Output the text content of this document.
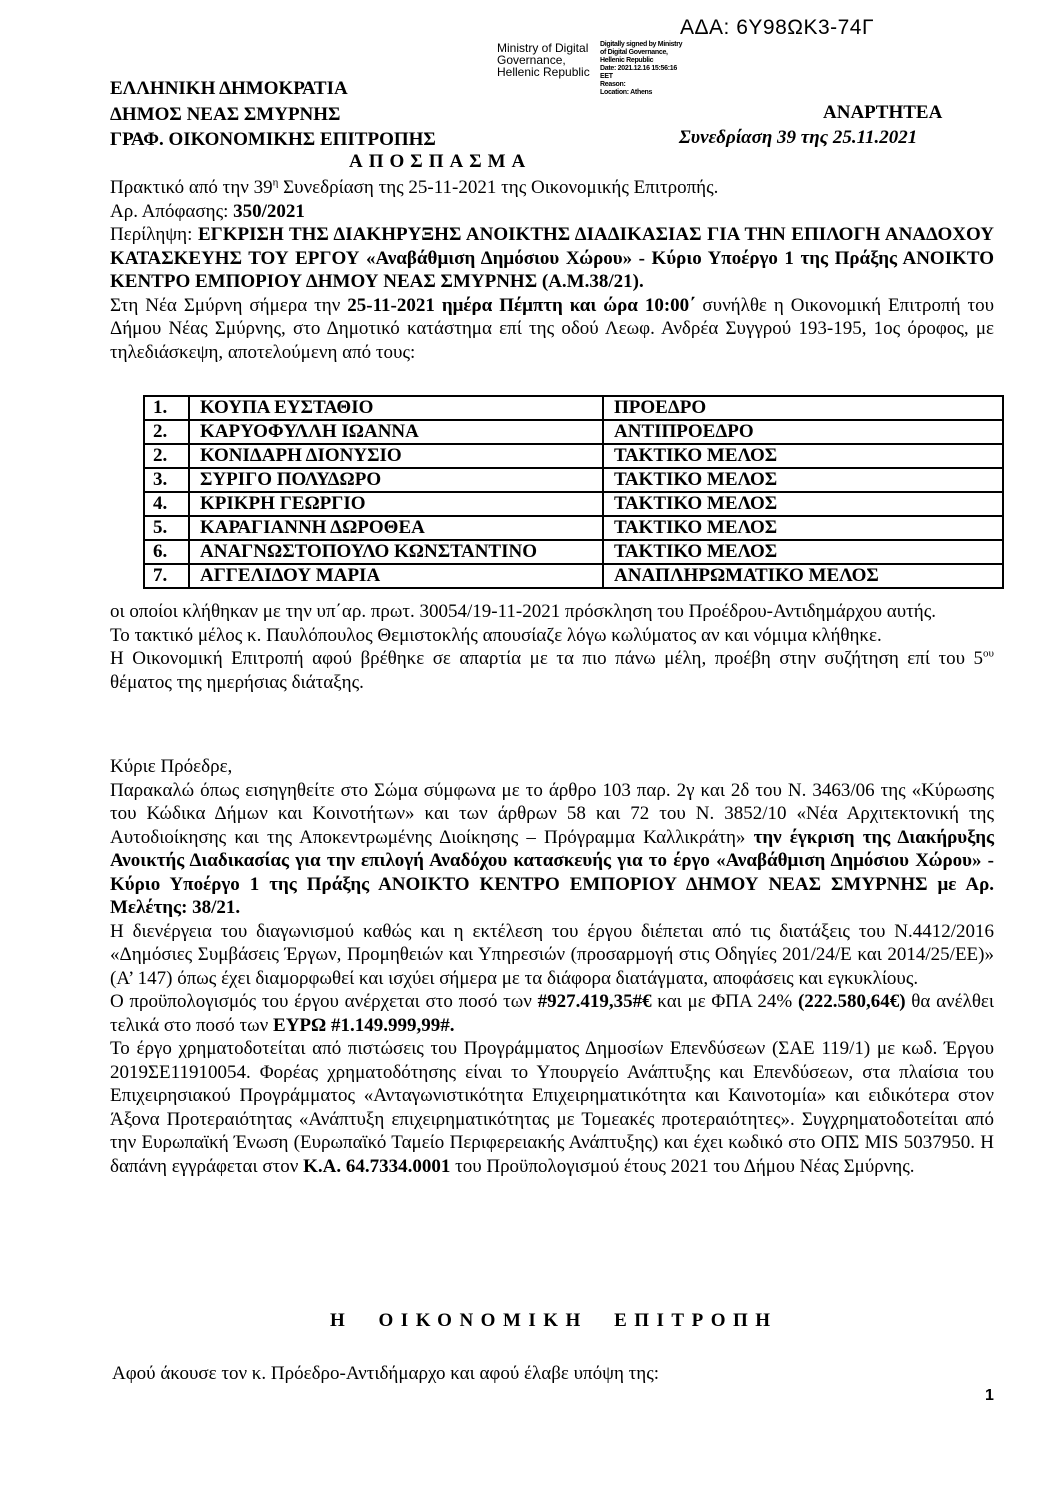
ΑΔΑ: 6Υ98ΩΚ3-74Γ
Ministry of Digital
Governance,
Hellenic Republic
Digitally signed by Ministry
of Digital Governance,
Hellenic Republic
Date: 2021.12.16 15:56:16
EET
Reason:
Location: Athens
ΕΛΛΗΝΙΚΗ ΔΗΜΟΚΡΑΤΙΑ
ΔΗΜΟΣ ΝΕΑΣ ΣΜΥΡΝΗΣ
ΓΡΑΦ. ΟΙΚΟΝΟΜΙΚΗΣ ΕΠΙΤΡΟΠΗΣ
ΑΝΑΡΤΗΤΕΑ
Συνεδρίαση 39 της 25.11.2021
ΑΠΟΣΠΑΣΜΑ

Πρακτικό από την $39^\eta$ Συνεδρίαση της 25-11-2021 της Οικονομικής Επιτροπής.

Αρ. Απόφασης: 350/2021

Περίληψη: ΕΓΚΡΙΣΗ ΤΗΣ ΔΙΑΚΗΡΥΞΗΣ ΑΝΟΙΚΤΗΣ ΔΙΑΔΙΚΑΣΙΑΣ ΓΙΑ ΤΗΝ ΕΠΙΛΟΓΗ ΑΝΑΔΟΧΟΥ ΚΑΤΑΣΚΕΥΗΣ ΤΟΥ ΕΡΓΟΥ «Αναβάθμιση Δημόσιου Χώρου» - Κύριο Υποέργο 1 της Πράξης ΑΝΟΙΚΤΟ ΚΕΝΤΡΟ ΕΜΠΟΡΙΟΥ ΔΗΜΟΥ ΝΕΑΣ ΣΜΥΡΝΗΣ (Α.Μ.38/21).

Στη Νέα Σμύρνη σήμερα την 25-11-2021 ημέρα Πέμπτη και ώρα 10:00΄ συνήλθε η Οικονομική Επιτροπή του Δήμου Νέας Σμύρνης, στο Δημοτικό κατάστημα επί της οδού Λεωφ. Ανδρέα Συγγρού 193-195, 1ος όροφος, με τηλεδιάσκεψη, αποτελούμενη από τους:

1.	ΚΟΥΠΑ ΕΥΣΤΑΘΙΟ	ΠΡΟΕΔΡΟ
2.	ΚΑΡΥΟΦΥΛΛΗ ΙΩΑΝΝΑ	ΑΝΤΙΠΡΟΕΔΡΟ
2.	ΚΟΝΙΔΑΡΗ ΔΙΟΝΥΣΙΟ	ΤΑΚΤΙΚΟ ΜΕΛΟΣ
3.	ΣΥΡΙΓΟ ΠΟΛΥΔΩΡΟ	ΤΑΚΤΙΚΟ ΜΕΛΟΣ
4.	ΚΡΙΚΡΗ ΓΕΩΡΓΙΟ	ΤΑΚΤΙΚΟ ΜΕΛΟΣ
5.	ΚΑΡΑΓΙΑΝΝΗ ΔΩΡΟΘΕΑ	ΤΑΚΤΙΚΟ ΜΕΛΟΣ
6.	ΑΝΑΓΝΩΣΤΟΠΟΥΛΟ ΚΩΝΣΤΑΝΤΙΝΟ	ΤΑΚΤΙΚΟ ΜΕΛΟΣ
7.	ΑΓΓΕΛΙΔΟΥ ΜΑΡΙΑ	ΑΝΑΠΛΗΡΩΜΑΤΙΚΟ ΜΕΛΟΣ

οι οποίοι κλήθηκαν με την υπ΄αρ. πρωτ. 30054/19-11-2021 πρόσκληση του Προέδρου-Αντιδημάρχου αυτής.

Το τακτικό μέλος κ. Παυλόπουλος Θεμιστοκλής απουσίαζε λόγω κωλύματος αν και νόμιμα κλήθηκε.

Η Οικονομική Επιτροπή αφού βρέθηκε σε απαρτία με τα πιο πάνω μέλη, προέβη στην συζήτηση επί του $5^{o\upsilon}$ θέματος της ημερήσιας διάταξης.

Κύριε Πρόεδρε,

Παρακαλώ όπως εισηγηθείτε στο Σώμα σύμφωνα με το άρθρο 103 παρ. 2γ και 2δ του Ν. 3463/06 της «Κύρωσης του Κώδικα Δήμων και Κοινοτήτων» και των άρθρων 58 και 72 του Ν. 3852/10 «Νέα Αρχιτεκτονική της Αυτοδιοίκησης και της Αποκεντρωμένης Διοίκησης – Πρόγραμμα Καλλικράτη» την έγκριση της Διακήρυξης Ανοικτής Διαδικασίας για την επιλογή Αναδόχου κατασκευής για το έργο «Αναβάθμιση Δημόσιου Χώρου» - Κύριο Υποέργο 1 της Πράξης ΑΝΟΙΚΤΟ ΚΕΝΤΡΟ ΕΜΠΟΡΙΟΥ ΔΗΜΟΥ ΝΕΑΣ ΣΜΥΡΝΗΣ με Αρ. Μελέτης: 38/21.

Η διενέργεια του διαγωνισμού καθώς και η εκτέλεση του έργου διέπεται από τις διατάξεις του Ν.4412/2016 «Δημόσιες Συμβάσεις Έργων, Προμηθειών και Υπηρεσιών (προσαρμογή στις Οδηγίες 201/24/Ε και 2014/25/ΕΕ)» (Α’ 147) όπως έχει διαμορφωθεί και ισχύει σήμερα με τα διάφορα διατάγματα, αποφάσεις και εγκυκλίους.

Ο προϋπολογισμός του έργου ανέρχεται στο ποσό των #927.419,35#€ και με ΦΠΑ 24% (222.580,64€) θα ανέλθει τελικά στο ποσό των ΕΥΡΩ #1.149.999,99#.

Το έργο χρηματοδοτείται από πιστώσεις του Προγράμματος Δημοσίων Επενδύσεων (ΣΑΕ 119/1) με κωδ. Έργου 2019ΣΕ11910054. Φορέας χρηματοδότησης είναι το Υπουργείο Ανάπτυξης και Επενδύσεων, στα πλαίσια του Επιχειρησιακού Προγράμματος «Ανταγωνιστικότητα Επιχειρηματικότητα και Καινοτομία» και ειδικότερα στον Άξονα Προτεραιότητας «Ανάπτυξη επιχειρηματικότητας με Τομεακές προτεραιότητες». Συγχρηματοδοτείται από την Ευρωπαϊκή Ένωση (Ευρωπαϊκό Ταμείο Περιφερειακής Ανάπτυξης) και έχει κωδικό στο ΟΠΣ MIS 5037950. Η δαπάνη εγγράφεται στον Κ.Α. 64.7334.0001 του Προϋπολογισμού έτους 2021 του Δήμου Νέας Σμύρνης.

Η ΟΙΚΟΝΟΜΙΚΗ ΕΠΙΤΡΟΠΗ
Αφού άκουσε τον κ. Πρόεδρο-Αντιδήμαρχο και αφού έλαβε υπόψη της:
1
